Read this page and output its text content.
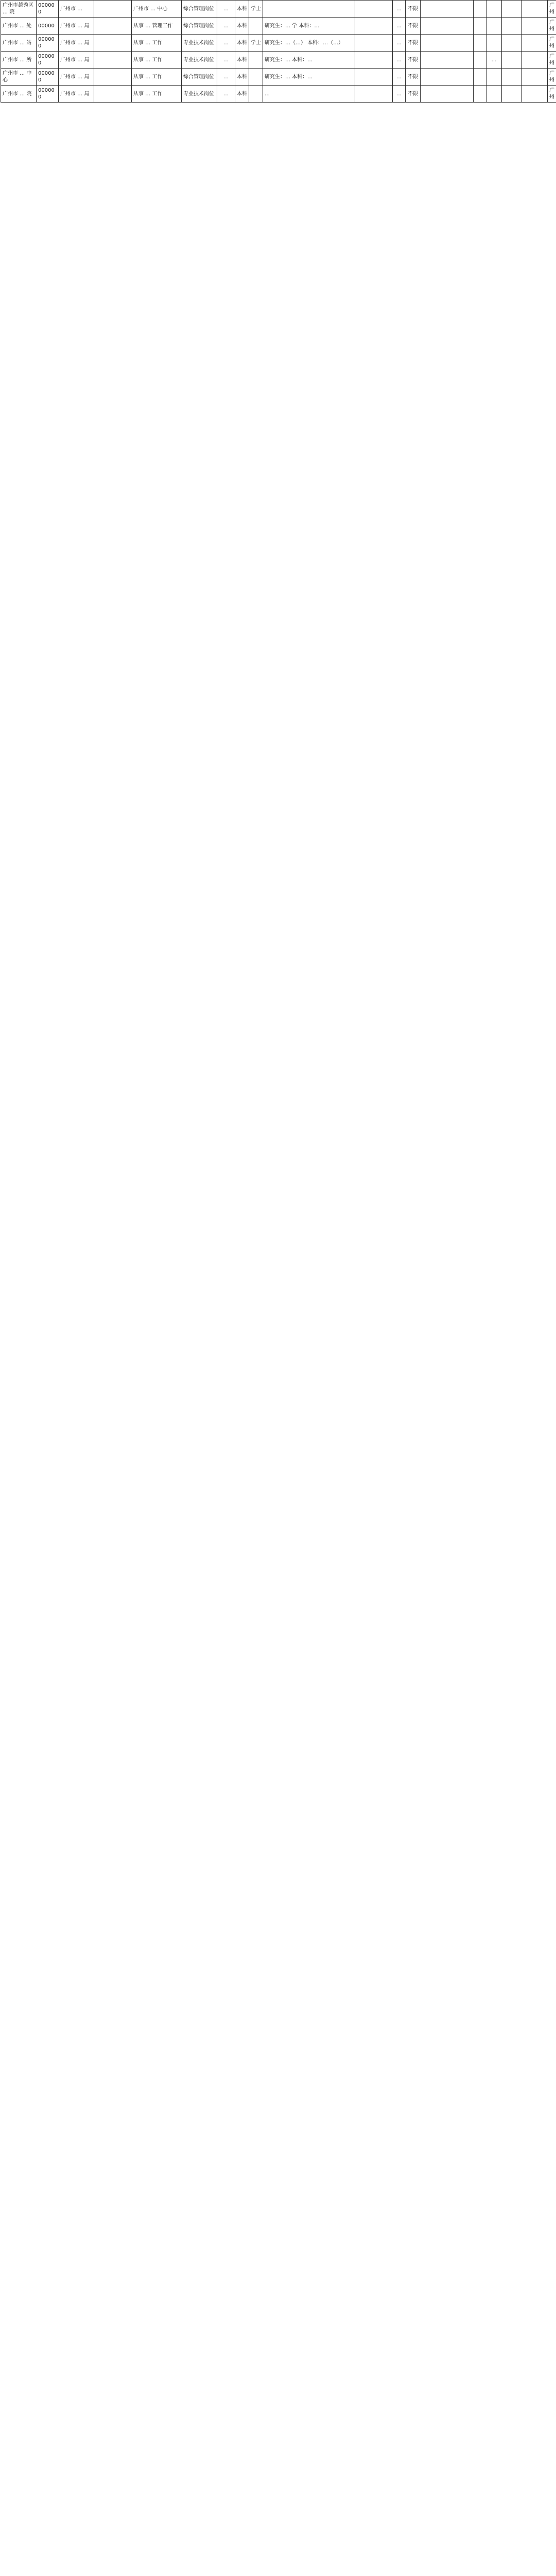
广州市越秀区 … 院	000000	广州市 …		广州市 … 中心	综合管理岗位	…	本科	学士			…	不限						广州
广州市 … 处	00000	广州市 … 局		从事 … 管理工作	综合管理岗位	…	本科		研究生：… 学 本科：…		…	不限						广州
广州市 … 站	000000	广州市 … 局		从事 … 工作	专业技术岗位	…	本科	学士	研究生：…（…） 本科：…（…）		…	不限						广州
广州市 … 所	000000	广州市 … 局		从事 … 工作	专业技术岗位	…	本科		研究生：… 本科：…		…	不限			…			广州
广州市 … 中心	000000	广州市 … 局		从事 … 工作	综合管理岗位	…	本科		研究生：… 本科：…		…	不限						广州
广州市 … 院	000000	广州市 … 局		从事 … 工作	专业技术岗位	…	本科		…		…	不限						广州
